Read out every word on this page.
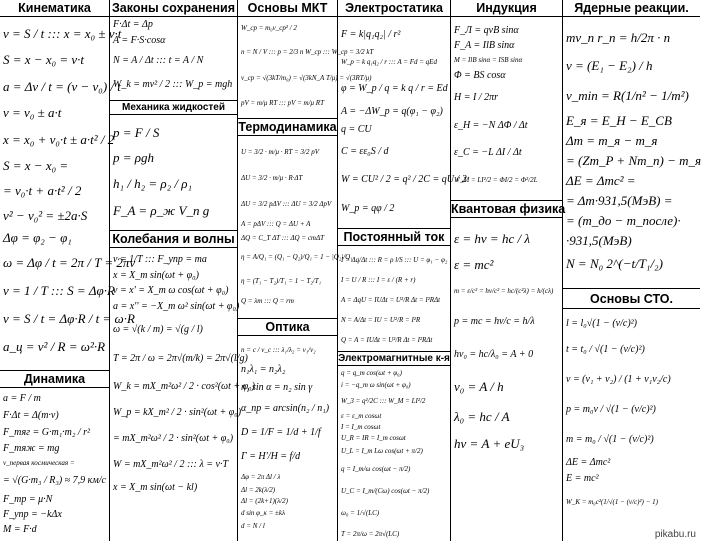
Кинематика
v = S / t ::: x = x₀ ± v·t
S = x − x₀ = v·t
a = Δv / t = (v − v₀) / t
v = v₀ ± a·t
x = x₀ + v₀·t ± a·t² / 2
S = x − x₀ =
= v₀·t + a·t² / 2
v² − v₀² = ±2a·S
Δφ = φ₂ − φ₁
ω = Δφ / t = 2π / T = 2πν
ν = 1 / T ::: S = Δφ·R
v = S / t = Δφ·R / t = ω·R
a_ц = v² / R = ω²·R
Динамика
a = F / m
F·Δt = Δ(m·v)
F_тяг = G·m₁·m₂ / r²
F_тяж = mg
v_первая космическая =
= √(G·m₃ / R₃) ≈ 7,9 км/с
F_тр = μ·N
F_упр = −kΔx
M = F·d
Законы сохранения
F·Δt = Δp
A = F·S·cosα
N = A / Δt ::: t = A / N
W_k = mv² / 2 ::: W_p = mgh
Механика жидкостей
p = F / S
p = ρgh
h₁ / h₂ = ρ₂ / ρ₁
F_A = ρ_ж V_п g
Колебания и волны
ν = 1/T ::: F_упр = ma
x = X_m sin(ωt + φ₀)
v = x' = X_m ω cos(ωt + φ₀)
a = x'' = −X_m ω² sin(ωt + φ₀)
ω = √(k / m) = √(g / l)
T = 2π / ω = 2π√(m/k) = 2π√(l/g)
W_k = mX_m²ω² / 2 · cos²(ωt + φ₀)
W_p = kX_m² / 2 · sin²(ωt + φ₀)
= mX_m²ω² / 2 · sin²(ωt + φ₀)
W = mX_m²ω² / 2 ::: λ = v·T
x = X_m sin(ωt − kl)
Основы МКТ
W_ср = m₀v_ср² / 2
n = N / V ::: p = 2/3 n W_ср ::: W_ср = 3/2 kT
v_ср = √(3kT/m₀) = √(3kN_A T/μ) = √(3RT/μ)
pV = m/μ RT ::: pV = m/μ RT
Термодинамика
U = 3/2 · m/μ · RT = 3/2 pV
ΔU = 3/2 · m/μ · R·ΔT
ΔU = 3/2 pΔV ::: ΔU = 3/2 ΔpV
A = pΔV ::: Q = ΔU + A
ΔQ = C_T ΔT ::: ΔQ = cmΔT
η = A/Q₁ = (Q₁ − Q₂)/Q₁ = 1 − |Q₂|/Q₁
η = (T₁ − T₂)/T₁ = 1 − T₂/T₁
Q = λm ::: Q = rm
Оптика
n = c / v_c ::: λ₁/λ₂ = v₁/v₂
n₁λ₁ = n₂λ₂
n₁ sin α = n₂ sin γ
α_пр = arcsin(n₂ / n₁)
D = 1/F = 1/d + 1/f
Γ = H'/H = f/d
Δφ = 2π Δl / λ
Δl = 2k(λ/2)
Δl = (2k+1)(λ/2)
d sin φ_к = ±kλ
d = N / l
Электростатика
F = k|q₁q₂| / r²
W_p = k q₁q₂ / r ::: A = Fd = qEd
φ = W_p / q = k q / r = Ed
A = −ΔW_p = q(φ₁ − φ₂)
q = CU
C = εε₀S / d
W = CU² / 2 = q² / 2C = qU / 2
W_p = qφ / 2
Постоянный ток
I = Δq/Δt ::: R = ρ l/S ::: U = φ₁ − φ₂
I = U / R ::: I = ε / (R + r)
A = ΔqU = IUΔt = U²/R Δt = I²RΔt
N = A/Δt = IU = U²/R = I²R
Q = A = IUΔt = U²/R Δt = I²RΔt
Электромагнитные к-я
q = q_m cos(ωt + φ₀)
i = −q_m ω sin(ωt + φ₀)
W_3 = q²/2C ::: W_M = LI²/2
ε = ε_m cosωt
I = I_m cosωt
U_R = IR = I_m cosωt
U_L = I_m Lω cos(ωt + π/2)
q = I_m/ω cos(ωt − π/2)
U_C = I_m/(Cω) cos(ωt − π/2)
ω₀ = 1/√(LC)
T = 2π/ω = 2π√(LC)
Индукция
F_Л = qvB sinα
F_A = IlB sinα
M = IlB sinα = ISB sinα
Φ = BS cosα
H = I / 2πr
ε_H = −N ΔΦ / Δt
ε_C = −L ΔI / Δt
W_M = LI²/2 = ΦI/2 = Φ²/2L
Квантовая физика
ε = hν = hc / λ
ε = mc²
m = ε/c² = hν/c² = hc/(c²λ) = h/(cλ)
p = mc = hν/c = h/λ
hν₀ = hc/λ₀ = A + 0
v₀ = A / h
λ₀ = hc / A
hν = A + eU₃
Ядерные реакции.
mv_n r_n = h/2π · n
ν = (E₁ − E₂) / h
ν_min = R(1/n² − 1/m²)
E_я = E_H − E_CB
Δm = m_я − m_я
= (Zm_P + Nm_n) − m_я
ΔE = Δmc² =
= Δm·931,5(МэВ) =
= (m_до − m_после)·
·931,5(МэВ)
N = N₀ 2^(−t/T₁/₂)
Основы СТО.
l = l₀√(1 − (v/c)²)
t = t₀ / √(1 − (v/c)²)
v = (v₁ + v₂) / (1 + v₁v₂/c)
p = m₀v / √(1 − (v/c)²)
m = m₀ / √(1 − (v/c)²)
ΔE = Δmc²
E = mc²
W_K = m₀c²(1/√(1 − (v/c)²) − 1)
pikabu.ru
